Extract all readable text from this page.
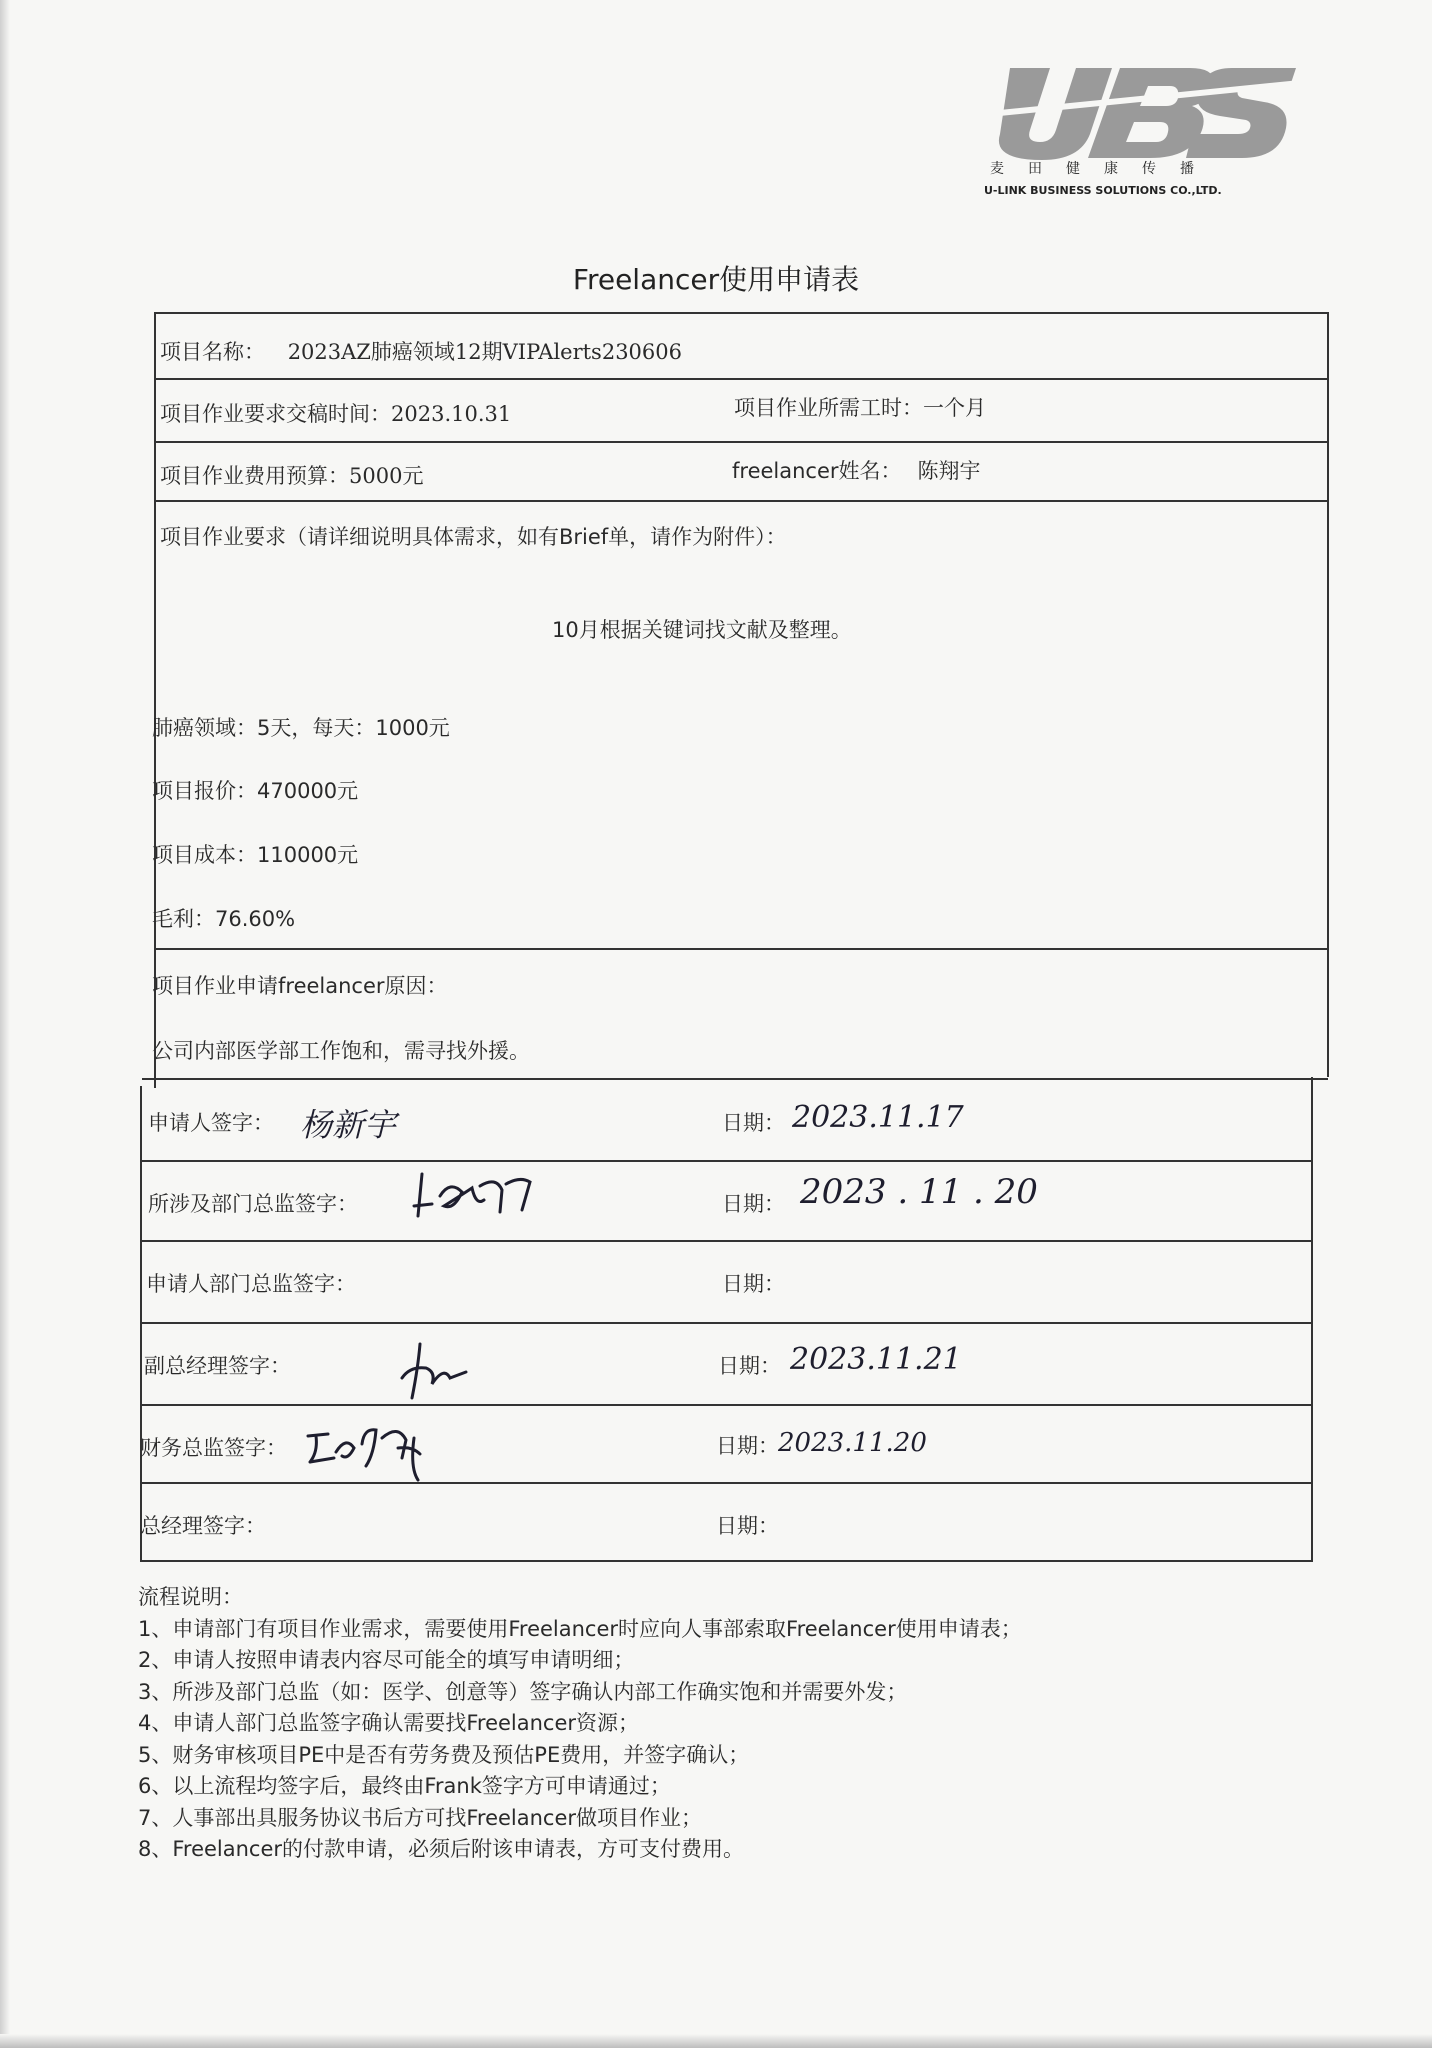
麦田健康传播
U-LINK BUSINESS SOLUTIONS CO.,LTD.
Freelancer使用申请表
项目名称： 2023AZ肺癌领域12期VIPAlerts230606
项目作业要求交稿时间：2023.10.31	项目作业所需工时：一个月
项目作业费用预算：5000元	freelancer姓名： 陈翔宇
项目作业要求（请详细说明具体需求，如有Brief单，请作为附件）：
10月根据关键词找文献及整理。
肺癌领域：5天，每天：1000元
项目报价：470000元
项目成本：110000元
毛利：76.60%
项目作业申请freelancer原因：
公司内部医学部工作饱和，需寻找外援。
申请人签字： 杨新宇	日期： 2023.11.17
所涉及部门总监签字：	日期： 2023 . 11 . 20
申请人部门总监签字：	日期：
副总经理签字：	日期： 2023.11.21
财务总监签字：	日期： 2023.11.20
总经理签字：	日期：
流程说明：
1、申请部门有项目作业需求，需要使用Freelancer时应向人事部索取Freelancer使用申请表；
2、申请人按照申请表内容尽可能全的填写申请明细；
3、所涉及部门总监（如：医学、创意等）签字确认内部工作确实饱和并需要外发；
4、申请人部门总监签字确认需要找Freelancer资源；
5、财务审核项目PE中是否有劳务费及预估PE费用，并签字确认；
6、以上流程均签字后，最终由Frank签字方可申请通过；
7、人事部出具服务协议书后方可找Freelancer做项目作业；
8、Freelancer的付款申请，必须后附该申请表，方可支付费用。
